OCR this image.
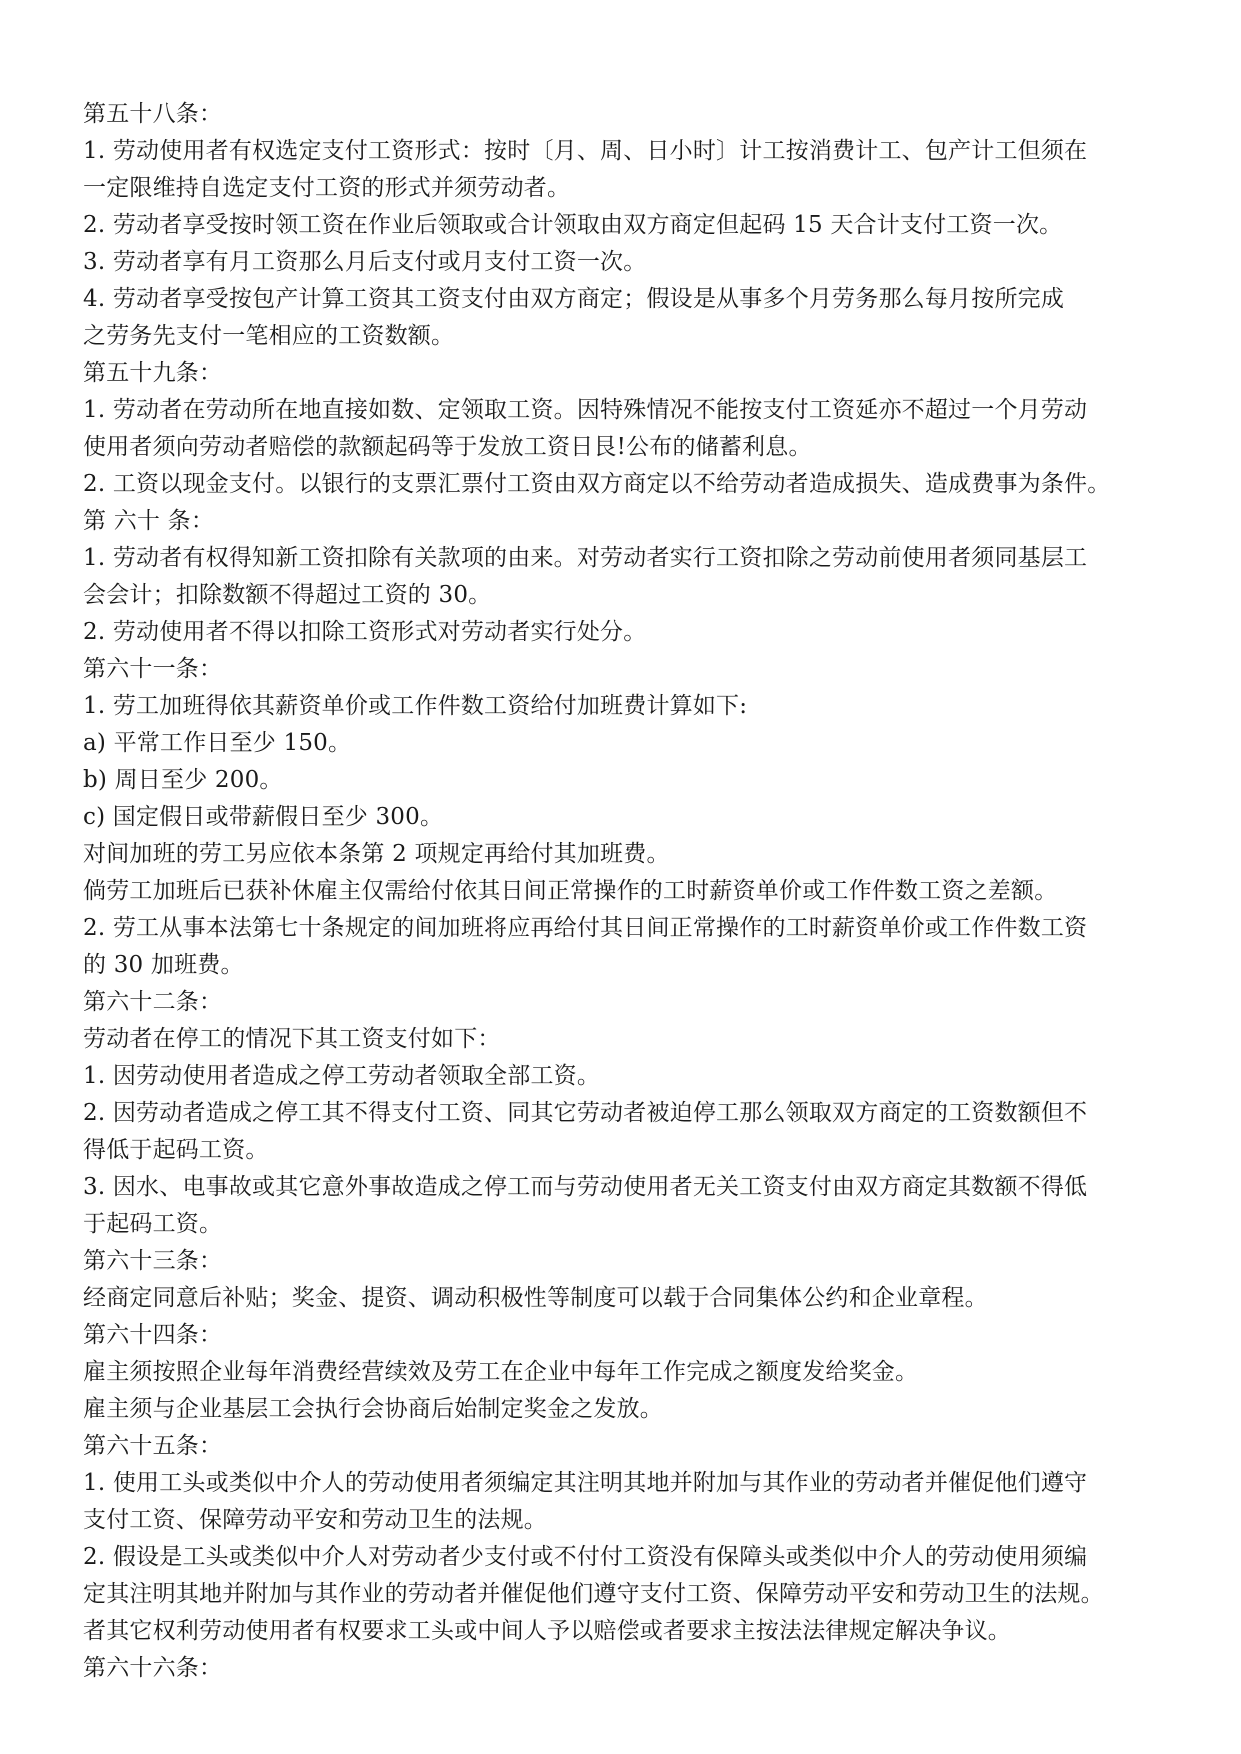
第五十八条：
1. 劳动使用者有权选定支付工资形式：按时〔月、周、日小时〕计工按消费计工、包产计工但须在
一定限维持自选定支付工资的形式并须劳动者。
2. 劳动者享受按时领工资在作业后领取或合计领取由双方商定但起码 15 天合计支付工资一次。
3. 劳动者享有月工资那么月后支付或月支付工资一次。
4. 劳动者享受按包产计算工资其工资支付由双方商定；假设是从事多个月劳务那么每月按所完成
之劳务先支付一笔相应的工资数额。
第五十九条：
1. 劳动者在劳动所在地直接如数、定领取工资。因特殊情况不能按支付工资延亦不超过一个月劳动
使用者须向劳动者赔偿的款额起码等于发放工资日艮!公布的储蓄利息。
2. 工资以现金支付。以银行的支票汇票付工资由双方商定以不给劳动者造成损失、造成费事为条件。
第 六十 条：
1. 劳动者有权得知新工资扣除有关款项的由来。对劳动者实行工资扣除之劳动前使用者须同基层工
会会计；扣除数额不得超过工资的 30。
2. 劳动使用者不得以扣除工资形式对劳动者实行处分。
第六十一条：
1. 劳工加班得依其薪资单价或工作件数工资给付加班费计算如下:
a) 平常工作日至少 150。
b) 周日至少 200。
c) 国定假日或带薪假日至少 300。
对间加班的劳工另应依本条第 2 项规定再给付其加班费。
倘劳工加班后已获补休雇主仅需给付依其日间正常操作的工时薪资单价或工作件数工资之差额。
2. 劳工从事本法第七十条规定的间加班将应再给付其日间正常操作的工时薪资单价或工作件数工资
的 30 加班费。
第六十二条：
劳动者在停工的情况下其工资支付如下：
1. 因劳动使用者造成之停工劳动者领取全部工资。
2. 因劳动者造成之停工其不得支付工资、同其它劳动者被迫停工那么领取双方商定的工资数额但不
得低于起码工资。
3. 因水、电事故或其它意外事故造成之停工而与劳动使用者无关工资支付由双方商定其数额不得低
于起码工资。
第六十三条：
经商定同意后补贴；奖金、提资、调动积极性等制度可以载于合同集体公约和企业章程。
第六十四条：
雇主须按照企业每年消费经营续效及劳工在企业中每年工作完成之额度发给奖金。
雇主须与企业基层工会执行会协商后始制定奖金之发放。
第六十五条：
1. 使用工头或类似中介人的劳动使用者须编定其注明其地并附加与其作业的劳动者并催促他们遵守
支付工资、保障劳动平安和劳动卫生的法规。
2. 假设是工头或类似中介人对劳动者少支付或不付付工资没有保障头或类似中介人的劳动使用须编
定其注明其地并附加与其作业的劳动者并催促他们遵守支付工资、保障劳动平安和劳动卫生的法规。
者其它权利劳动使用者有权要求工头或中间人予以赔偿或者要求主按法法律规定解决争议。
第六十六条：
